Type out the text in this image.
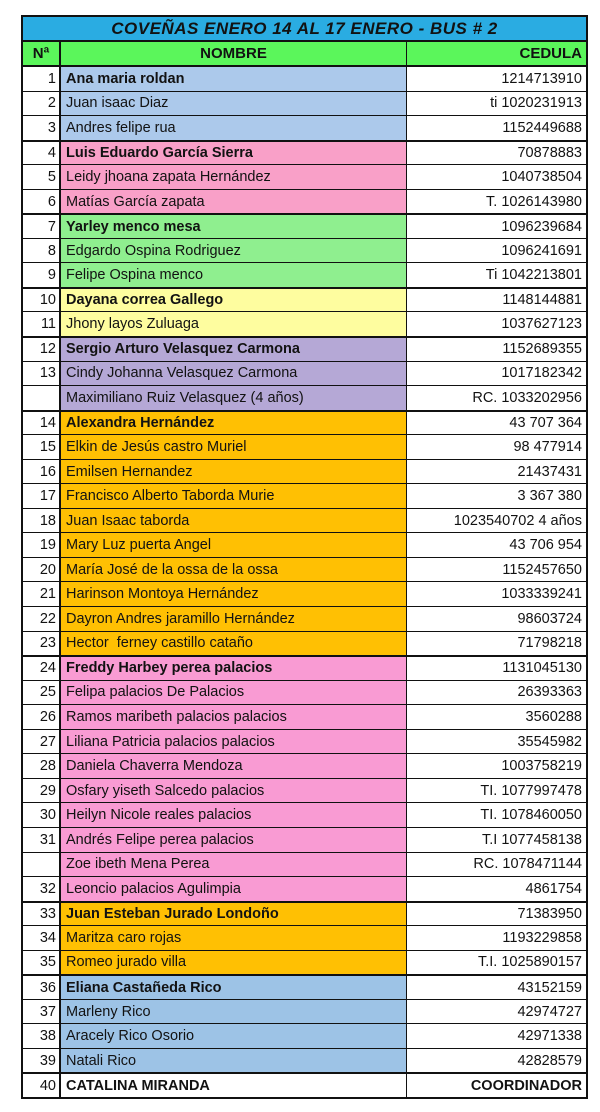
COVEÑAS ENERO 14 AL 17 ENERO - BUS # 2
Nª	NOMBRE	CEDULA
1 Ana maria roldan	1214713910
2 Juan isaac Diaz	ti 1020231913
3 Andres felipe rua	1152449688
4 Luis Eduardo García Sierra	70878883
5 Leidy jhoana zapata Hernández	1040738504
6 Matías García zapata	T. 1026143980
7 Yarley menco mesa	1096239684
8 Edgardo Ospina Rodriguez	1096241691
9 Felipe Ospina menco	Ti 1042213801
10 Dayana correa Gallego	1148144881
11 Jhony layos Zuluaga	1037627123
12 Sergio Arturo Velasquez Carmona	1152689355
13 Cindy Johanna Velasquez Carmona	1017182342
Maximiliano Ruiz Velasquez (4 años)	RC. 1033202956
14 Alexandra Hernández	43 707 364
15 Elkin de Jesús castro Muriel	98 477914
16 Emilsen Hernandez	21437431
17 Francisco Alberto Taborda Murie	3 367 380
18 Juan Isaac taborda	1023540702 4 años
19 Mary Luz puerta Angel	43 706 954
20 María José de la ossa de la ossa	1152457650
21 Harinson Montoya Hernández	1033339241
22 Dayron Andres jaramillo Hernández	98603724
23 Hector  ferney castillo cataño	71798218
24 Freddy Harbey perea palacios	1131045130
25 Felipa palacios De Palacios	26393363
26 Ramos maribeth palacios palacios	3560288
27 Liliana Patricia palacios palacios	35545982
28 Daniela Chaverra Mendoza	1003758219
29 Osfary yiseth Salcedo palacios	TI. 1077997478
30 Heilyn Nicole reales palacios	TI. 1078460050
31 Andrés Felipe perea palacios	T.I 1077458138
Zoe ibeth Mena Perea	RC. 1078471144
32 Leoncio palacios Agulimpia	4861754
33 Juan Esteban Jurado Londoño	71383950
34 Maritza caro rojas	1193229858
35 Romeo jurado villa	T.I. 1025890157
36 Eliana Castañeda Rico	43152159
37 Marleny Rico	42974727
38 Aracely Rico Osorio	42971338
39 Natali Rico	42828579
40 CATALINA MIRANDA	COORDINADOR
